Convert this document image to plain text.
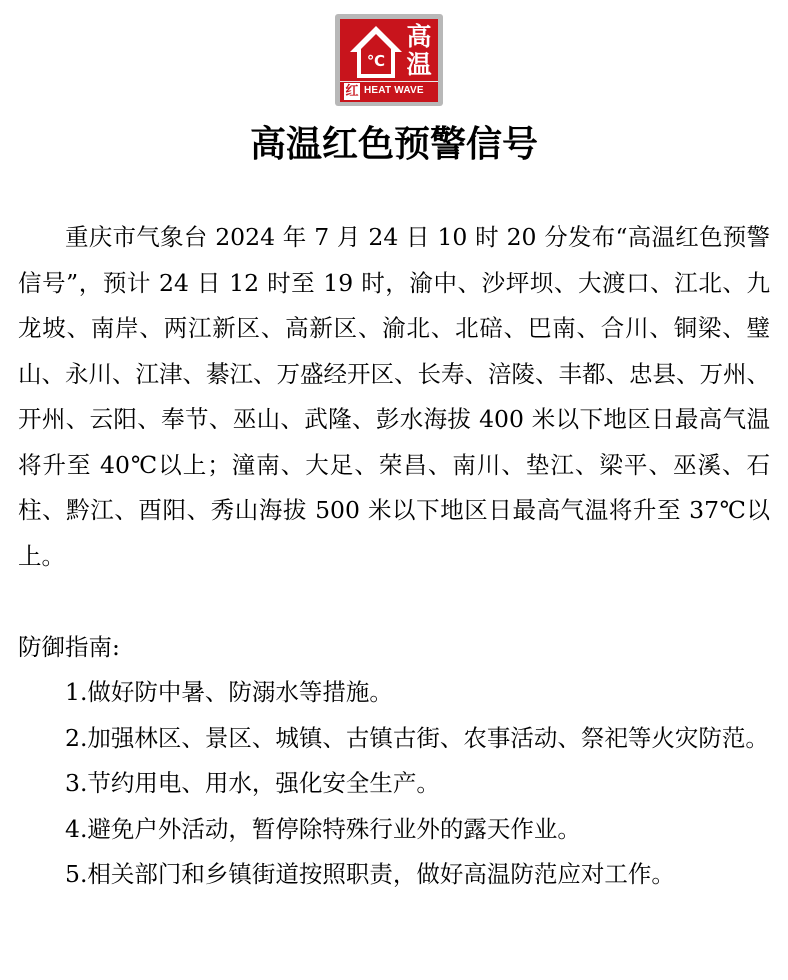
℃
高温
红 HEAT WAVE
高温红色预警信号

重庆市气象台 2024 年 7 月 24 日 10 时 20 分发布“高温红色预警信号”，预计 24 日 12 时至 19 时，渝中、沙坪坝、大渡口、江北、九龙坡、南岸、两江新区、高新区、渝北、北碚、巴南、合川、铜梁、璧山、永川、江津、綦江、万盛经开区、长寿、涪陵、丰都、忠县、万州、开州、云阳、奉节、巫山、武隆、彭水海拔 400 米以下地区日最高气温将升至 40℃以上；潼南、大足、荣昌、南川、垫江、梁平、巫溪、石柱、黔江、酉阳、秀山海拔 500 米以下地区日最高气温将升至 37℃以上。

防御指南:

1.做好防中暑、防溺水等措施。

2.加强林区、景区、城镇、古镇古街、农事活动、祭祀等火灾防范。

3.节约用电、用水，强化安全生产。

4.避免户外活动，暂停除特殊行业外的露天作业。

5.相关部门和乡镇街道按照职责，做好高温防范应对工作。
